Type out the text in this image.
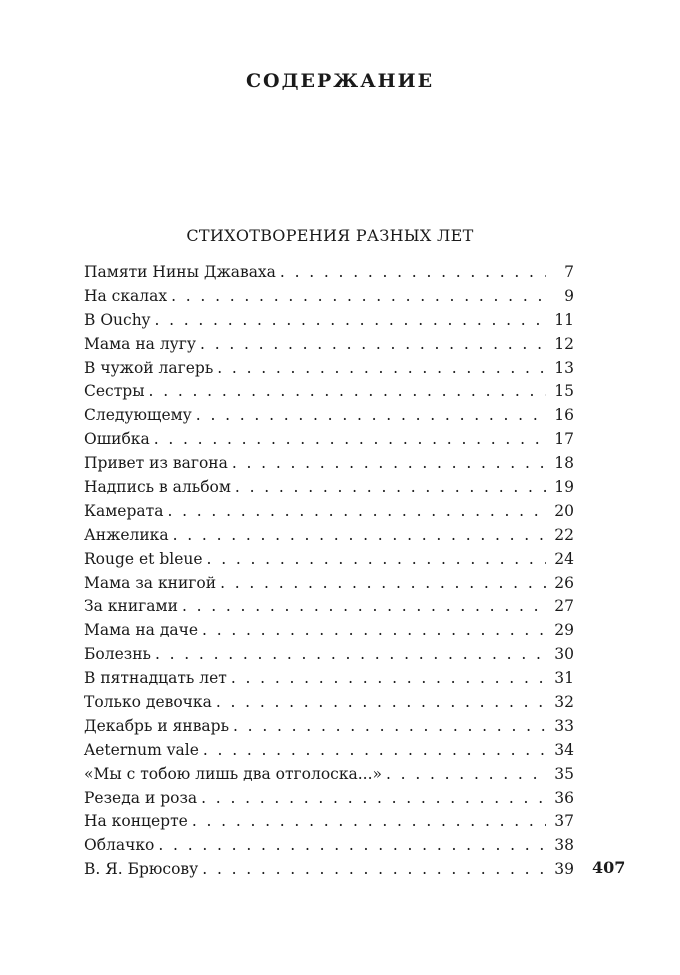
СОДЕРЖАНИЕ
СТИХОТВОРЕНИЯ РАЗНЫХ ЛЕТ
Памяти Нины Джаваха . . .	7
На скалах . . .	9
В Ouchy . . .	11
Мама на лугу . . .	12
В чужой лагерь . . .	13
Сестры . . .	15
Следующему . . .	16
Ошибка . . .	17
Привет из вагона . . .	18
Надпись в альбом . . .	19
Камерата . . .	20
Анжелика . . .	22
Rouge et bleue . . .	24
Мама за книгой . . .	26
За книгами . . .	27
Мама на даче . . .	29
Болезнь . . .	30
В пятнадцать лет . . .	31
Только девочка . . .	32
Декабрь и январь . . .	33
Aeternum vale . . .	34
«Мы с тобою лишь два отголоска...» . . .	35
Резеда и роза . . .	36
На концерте . . .	37
Облачко . . .	38
В. Я. Брюсову . . .	39 407
